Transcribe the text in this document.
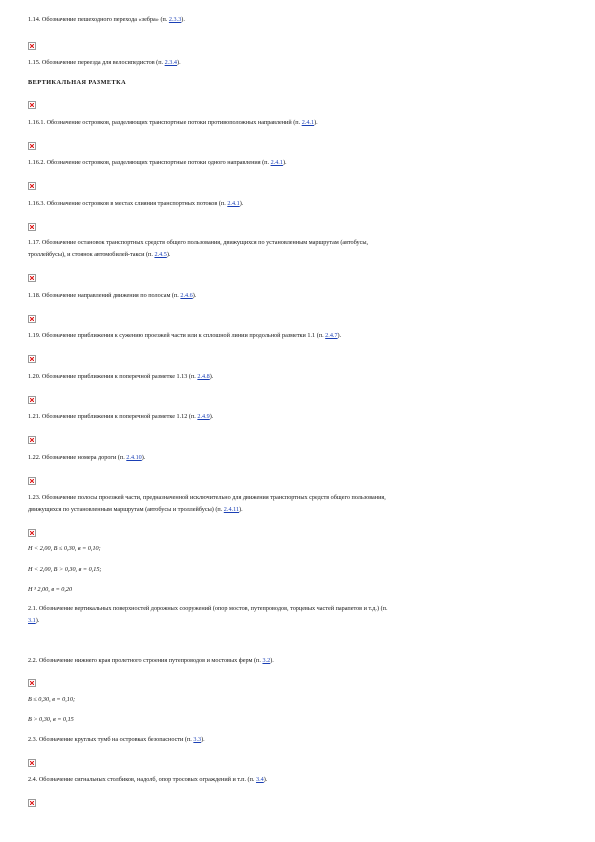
1.14. Обозначение пешеходного перехода «зебра» (п. 2.3.3).
1.15. Обозначение переезда для велосипедистов (п. 2.3.4).
ВЕРТИКАЛЬНАЯ РАЗМЕТКА
1.16.1. Обозначение островков, разделяющих транспортные потоки противоположных направлений (п. 2.4.1).
1.16.2. Обозначение островков, разделяющих транспортные потоки одного направления (п. 2.4.1).
1.16.3. Обозначение островков в местах слияния транспортных потоков (п. 2.4.1).
1.17. Обозначение остановок транспортных средств общего пользования, движущихся по установленным маршрутам (автобусы,
троллейбусы), и стоянок автомобилей-такси (п. 2.4.5).
1.18. Обозначение направлений движения по полосам (п. 2.4.6).
1.19. Обозначение приближения к сужению проезжей части или к сплошной линии продольной разметки 1.1 (п. 2.4.7).
1.20. Обозначение приближения к поперечной разметке 1.13 (п. 2.4.8).
1.21. Обозначение приближения к поперечной разметке 1.12 (п. 2.4.9).
1.22. Обозначение номера дороги (п. 2.4.10).
1.23. Обозначение полосы проезжей части, предназначенной исключительно для движения транспортных средств общего пользования,
движущихся по установленным маршрутам (автобусы и троллейбусы) (п. 2.4.11).
H < 2,00, B ≤ 0,30, в = 0,10;
H < 2,00, B > 0,30, в = 0,15;
H ³ 2,00, в = 0,20
2.1. Обозначение вертикальных поверхностей дорожных сооружений (опор мостов, путепроводов, торцевых частей парапетов и т.д.) (п.
3.1).
2.2. Обозначение нижнего края пролетного строения путепроводов и мостовых ферм (п. 3.2).
B ≤ 0,30, в = 0,10;
B > 0,30, в = 0,15
2.3. Обозначение круглых тумб на островках безопасности (п. 3.3).
2.4. Обозначение сигнальных столбиков, надолб, опор тросовых ограждений и т.п. (п. 3.4).
